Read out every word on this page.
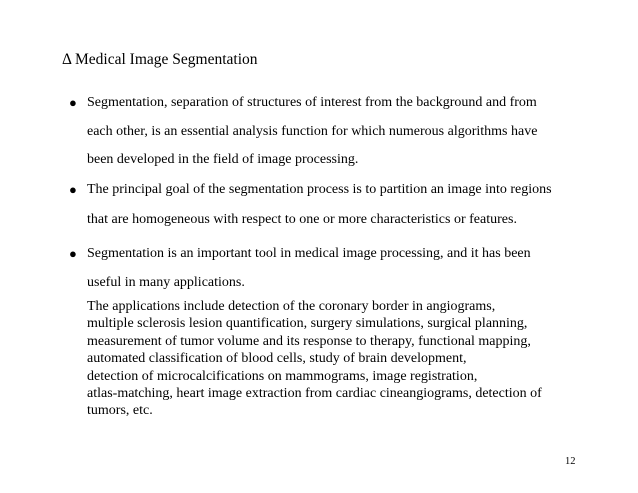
Δ Medical Image Segmentation
● Segmentation, separation of structures of interest from the background and from
each other, is an essential analysis function for which numerous algorithms have
been developed in the field of image processing.
● The principal goal of the segmentation process is to partition an image into regions
that are homogeneous with respect to one or more characteristics or features.
● Segmentation is an important tool in medical image processing, and it has been
useful in many applications.
The applications include detection of the coronary border in angiograms,
multiple sclerosis lesion quantification, surgery simulations, surgical planning,
measurement of tumor volume and its response to therapy, functional mapping,
automated classification of blood cells, study of brain development,
detection of microcalcifications on mammograms, image registration,
atlas-matching, heart image extraction from cardiac cineangiograms, detection of
tumors, etc.
12
